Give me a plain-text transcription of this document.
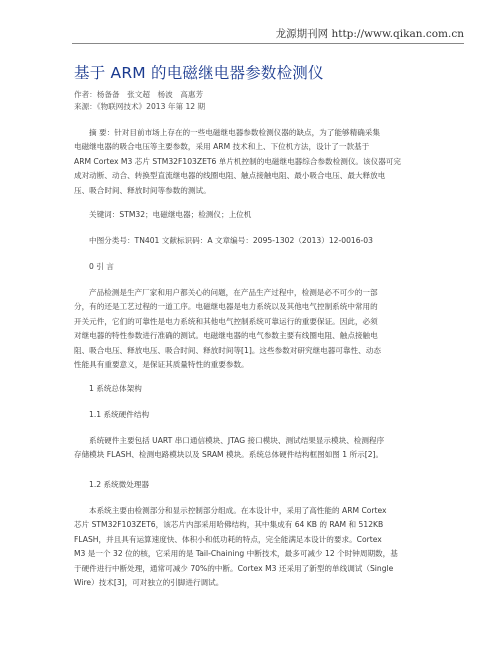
龙源期刊网 http://www.qikan.com.cn
基于 ARM 的电磁继电器参数检测仪
作者：杨备备　张文超　杨波　高惠芳
来源：《物联网技术》2013 年第 12 期
摘 要：针对目前市场上存在的一些电磁继电器参数检测仪器的缺点，为了能够精确采集
电磁继电器的吸合电压等主要参数，采用 ARM 技术和上、下位机方法，设计了一款基于
ARM Cortex M3 芯片 STM32F103ZET6 单片机控制的电磁继电器综合参数检测仪。该仪器可完
成对动断、动合、转换型直流继电器的线圈电阻、触点接触电阻、最小吸合电压、最大释放电
压、吸合时间、释放时间等参数的测试。
关键词：STM32；电磁继电器；检测仪；上位机
中图分类号：TN401 文献标识码：A 文章编号：2095-1302（2013）12-0016-03
0 引 言
产品检测是生产厂家和用户都关心的问题，在产品生产过程中，检测是必不可少的一部
分，有的还是工艺过程的一道工序。电磁继电器是电力系统以及其他电气控制系统中常用的
开关元件，它们的可靠性是电力系统和其他电气控制系统可靠运行的重要保证。因此，必须
对继电器的特性参数进行准确的测试。电磁继电器的电气参数主要有线圈电阻、触点接触电
阻、吸合电压、释放电压、吸合时间、释放时间等[1]。这些参数对研究继电器可靠性、动态
性能具有重要意义，是保证其质量特性的重要参数。
1 系统总体架构
1.1 系统硬件结构
系统硬件主要包括 UART 串口通信模块、JTAG 接口模块、测试结果显示模块、检测程序
存储模块 FLASH、检测电路模块以及 SRAM 模块。系统总体硬件结构框图如图 1 所示[2]。
1.2 系统微处理器
本系统主要由检测部分和显示控制部分组成。在本设计中，采用了高性能的 ARM Cortex
芯片 STM32F103ZET6，该芯片内部采用哈佛结构，其中集成有 64 KB 的 RAM 和 512KB
FLASH，并且具有运算速度快、体积小和低功耗的特点，完全能满足本设计的要求。Cortex
M3 是一个 32 位的核，它采用的是 Tail-Chaining 中断技术，最多可减少 12 个时钟周期数，基
于硬件进行中断处理，通常可减少 70%的中断。Cortex M3 还采用了新型的单线调试（Single
Wire）技术[3]，可对独立的引脚进行调试。
